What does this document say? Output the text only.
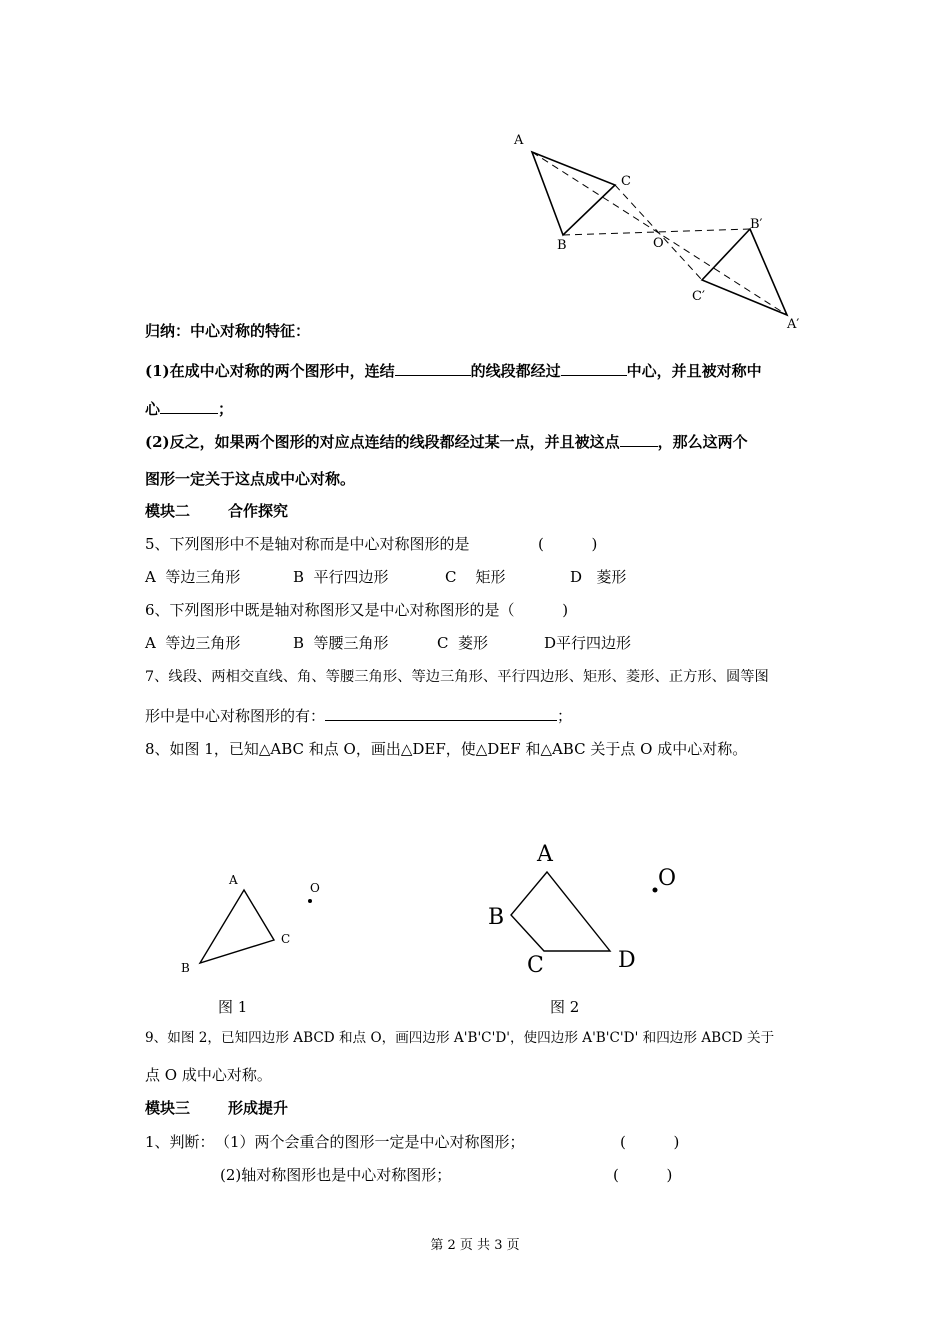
A
C
B	O
B′
C′
A′
归纳：中心对称的特征：
(1)在成中心对称的两个图形中，连结	的线段都经过	中心，并且被对称中
心	；
(2)反之，如果两个图形的对应点连结的线段都经过某一点，并且被这点	，那么这两个
图形一定关于这点成中心对称。
模块二	合作探究
5、下列图形中不是轴对称而是中心对称图形的是	(          )
A  等边三角形	B  平行四边形	C    矩形	D   菱形
6、下列图形中既是轴对称图形又是中心对称图形的是（          )
A  等边三角形	B  等腰三角形	C  菱形	D平行四边形
7、线段、两相交直线、角、等腰三角形、等边三角形、平行四边形、矩形、菱形、正方形、圆等图
形中是中心对称图形的有：	；
8、如图 1，已知△ABC 和点 O，画出△DEF，使△DEF 和△ABC 关于点 O 成中心对称。
A
O
C
B
图 1
A
O
B
C	D
图 2
9、如图 2，已知四边形 ABCD 和点 O，画四边形 A'B'C'D'，使四边形 A'B'C'D' 和四边形 ABCD 关于
点 O 成中心对称。
模块三	形成提升
1、判断： （1）两个会重合的图形一定是中心对称图形；	(          )
(2)轴对称图形也是中心对称图形；	(          )
第 2 页 共 3 页
